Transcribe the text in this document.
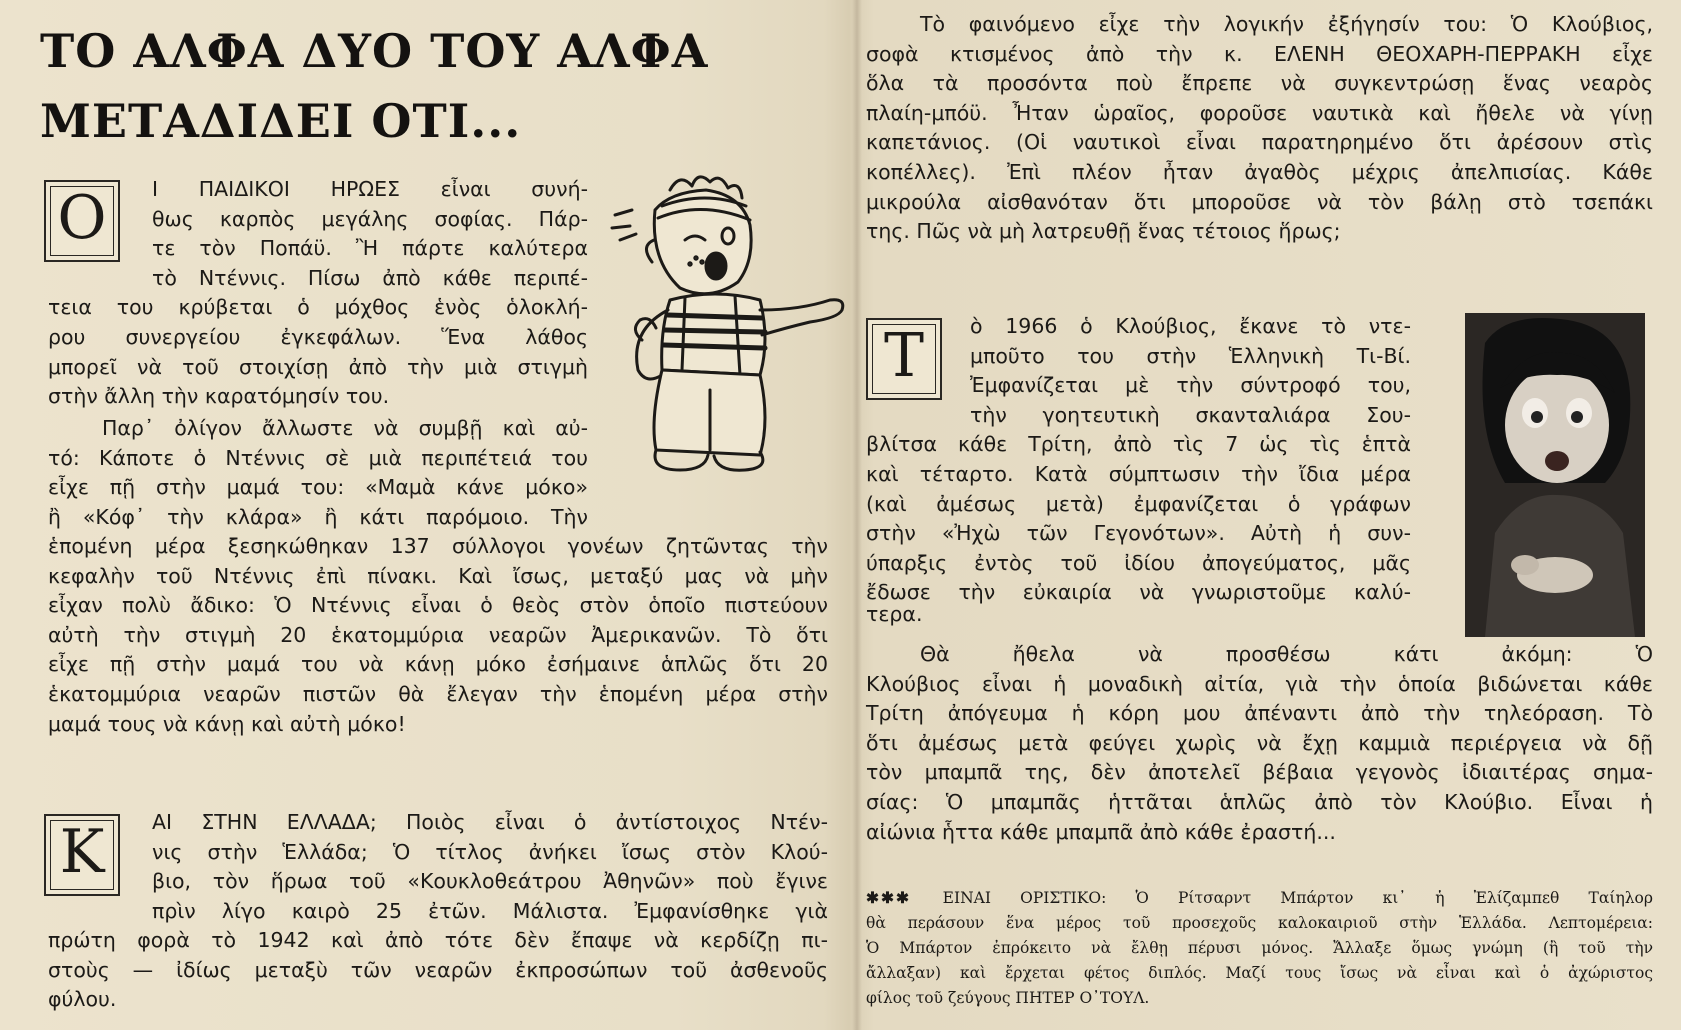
ΤΟ ΑΛΦΑ ΔΥΟ ΤΟΥ ΑΛΦΑ
ΜΕΤΑΔΙΔΕΙ ΟΤΙ...
Ο	Ι ΠΑΙΔΙΚΟΙ ΗΡΩΕΣ εἶναι συνή-
θως καρπὸς μεγάλης σοφίας. Πάρ-
τε τὸν Ποπάϋ. Ἢ πάρτε καλύτερα
τὸ Ντέννις. Πίσω ἀπὸ κάθε περιπέ-
τεια του κρύβεται ὁ μόχθος ἑνὸς ὁλοκλή-
ρου συνεργείου ἐγκεφάλων. Ἕνα λάθος
μπορεῖ νὰ τοῦ στοιχίσῃ ἀπὸ τὴν μιὰ στιγμὴ
στὴν ἄλλη τὴν καρατόμησίν του.
Παρ᾽ ὀλίγον ἄλλωστε νὰ συμβῇ καὶ αὐ-
τό: Κάποτε ὁ Ντέννις σὲ μιὰ περιπέτειά του
εἶχε πῇ στὴν μαμά του: «Μαμὰ κάνε μόκο»
ἢ «Κόφ᾽ τὴν κλάρα» ἢ κάτι παρόμοιο. Τὴν
ἑπομένη μέρα ξεσηκώθηκαν 137 σύλλογοι γονέων ζητῶντας τὴν
κεφαλὴν τοῦ Ντέννις ἐπὶ πίνακι. Καὶ ἴσως, μεταξύ μας νὰ μὴν
εἶχαν πολὺ ἄδικο: Ὁ Ντέννις εἶναι ὁ θεὸς στὸν ὁποῖο πιστεύουν
αὐτὴ τὴν στιγμὴ 20 ἑκατομμύρια νεαρῶν Ἀμερικανῶν. Τὸ ὅτι
εἶχε πῇ στὴν μαμά του νὰ κάνῃ μόκο ἐσήμαινε ἁπλῶς ὅτι 20
ἑκατομμύρια νεαρῶν πιστῶν θὰ ἔλεγαν τὴν ἑπομένη μέρα στὴν
μαμά τους νὰ κάνῃ καὶ αὐτὴ μόκο!
Κ	ΑΙ ΣΤΗΝ ΕΛΛΑΔΑ; Ποιὸς εἶναι ὁ ἀντίστοιχος Ντέν-
νις στὴν Ἑλλάδα; Ὁ τίτλος ἀνήκει ἴσως στὸν Κλού-
βιο, τὸν ἥρωα τοῦ «Κουκλοθεάτρου Ἀθηνῶν» ποὺ ἔγινε
πρὶν λίγο καιρὸ 25 ἐτῶν. Μάλιστα. Ἐμφανίσθηκε γιὰ
πρώτη φορὰ τὸ 1942 καὶ ἀπὸ τότε δὲν ἔπαψε νὰ κερδίζῃ πι-
στοὺς — ἰδίως μεταξὺ τῶν νεαρῶν ἐκπροσώπων τοῦ ἀσθενοῦς
φύλου.
Τὸ φαινόμενο εἶχε τὴν λογικήν ἐξήγησίν του: Ὁ Κλούβιος,
σοφὰ κτισμένος ἀπὸ τὴν κ. ΕΛΕΝΗ ΘΕΟΧΑΡΗ-ΠΕΡΡΑΚΗ εἶχε
ὅλα τὰ προσόντα ποὺ ἔπρεπε νὰ συγκεντρώσῃ ἕνας νεαρὸς
πλαίη-μπόϋ. Ἦταν ὡραῖος, φοροῦσε ναυτικὰ καὶ ἤθελε νὰ γίνῃ
καπετάνιος. (Οἱ ναυτικοὶ εἶναι παρατηρημένο ὅτι ἀρέσουν στὶς
κοπέλλες). Ἐπὶ πλέον ἦταν ἀγαθὸς μέχρις ἀπελπισίας. Κάθε
μικρούλα αἰσθανόταν ὅτι μποροῦσε νὰ τὸν βάλῃ στὸ τσεπάκι
της. Πῶς νὰ μὴ λατρευθῇ ἕνας τέτοιος ἥρως;
Τ	ὸ 1966 ὁ Κλούβιος, ἔκανε τὸ ντε-
μποῦτο του στὴν Ἑλληνικὴ Τι-Βί.
Ἐμφανίζεται μὲ τὴν σύντροφό του,
τὴν γοητευτικὴ σκανταλιάρα Σου-
βλίτσα κάθε Τρίτη, ἀπὸ τὶς 7 ὡς τὶς ἑπτὰ
καὶ τέταρτο. Κατὰ σύμπτωσιν τὴν ἴδια μέρα
(καὶ ἀμέσως μετὰ) ἐμφανίζεται ὁ γράφων
στὴν «Ἠχὼ τῶν Γεγονότων». Αὐτὴ ἡ συν-
ύπαρξις ἐντὸς τοῦ ἰδίου ἀπογεύματος, μᾶς
ἔδωσε τὴν εὐκαιρία νὰ γνωριστοῦμε καλύ-
τερα.
Θὰ ἤθελα νὰ προσθέσω κάτι ἀκόμη: Ὁ
Κλούβιος εἶναι ἡ μοναδικὴ αἰτία, γιὰ τὴν ὁποία βιδώνεται κάθε
Τρίτη ἀπόγευμα ἡ κόρη μου ἀπέναντι ἀπὸ τὴν τηλεόραση. Τὸ
ὅτι ἀμέσως μετὰ φεύγει χωρὶς νὰ ἔχῃ καμμιὰ περιέργεια νὰ δῇ
τὸν μπαμπᾶ της, δὲν ἀποτελεῖ βέβαια γεγονὸς ἰδιαιτέρας σημα-
σίας: Ὁ μπαμπᾶς ἡττᾶται ἁπλῶς ἀπὸ τὸν Κλούβιο. Εἶναι ἡ
αἰώνια ἧττα κάθε μπαμπᾶ ἀπὸ κάθε ἐραστή...
✱✱✱ ΕΙΝΑΙ ΟΡΙΣΤΙΚΟ: Ὁ Ρίτσαρντ Μπάρτον κι᾽ ἡ Ἐλίζαμπεθ Ταίηλορ
θὰ περάσουν ἕνα μέρος τοῦ προσεχοῦς καλοκαιριοῦ στὴν Ἑλλάδα. Λεπτομέρεια:
Ὁ Μπάρτον ἐπρόκειτο νὰ ἔλθῃ πέρυσι μόνος. Ἄλλαξε ὅμως γνώμη (ἢ τοῦ τὴν
ἄλλαξαν) καὶ ἔρχεται φέτος διπλός. Μαζί τους ἴσως νὰ εἶναι καὶ ὁ ἀχώριστος
φίλος τοῦ ζεύγους ΠΗΤΕΡ Ο᾽ΤΟΥΛ.
